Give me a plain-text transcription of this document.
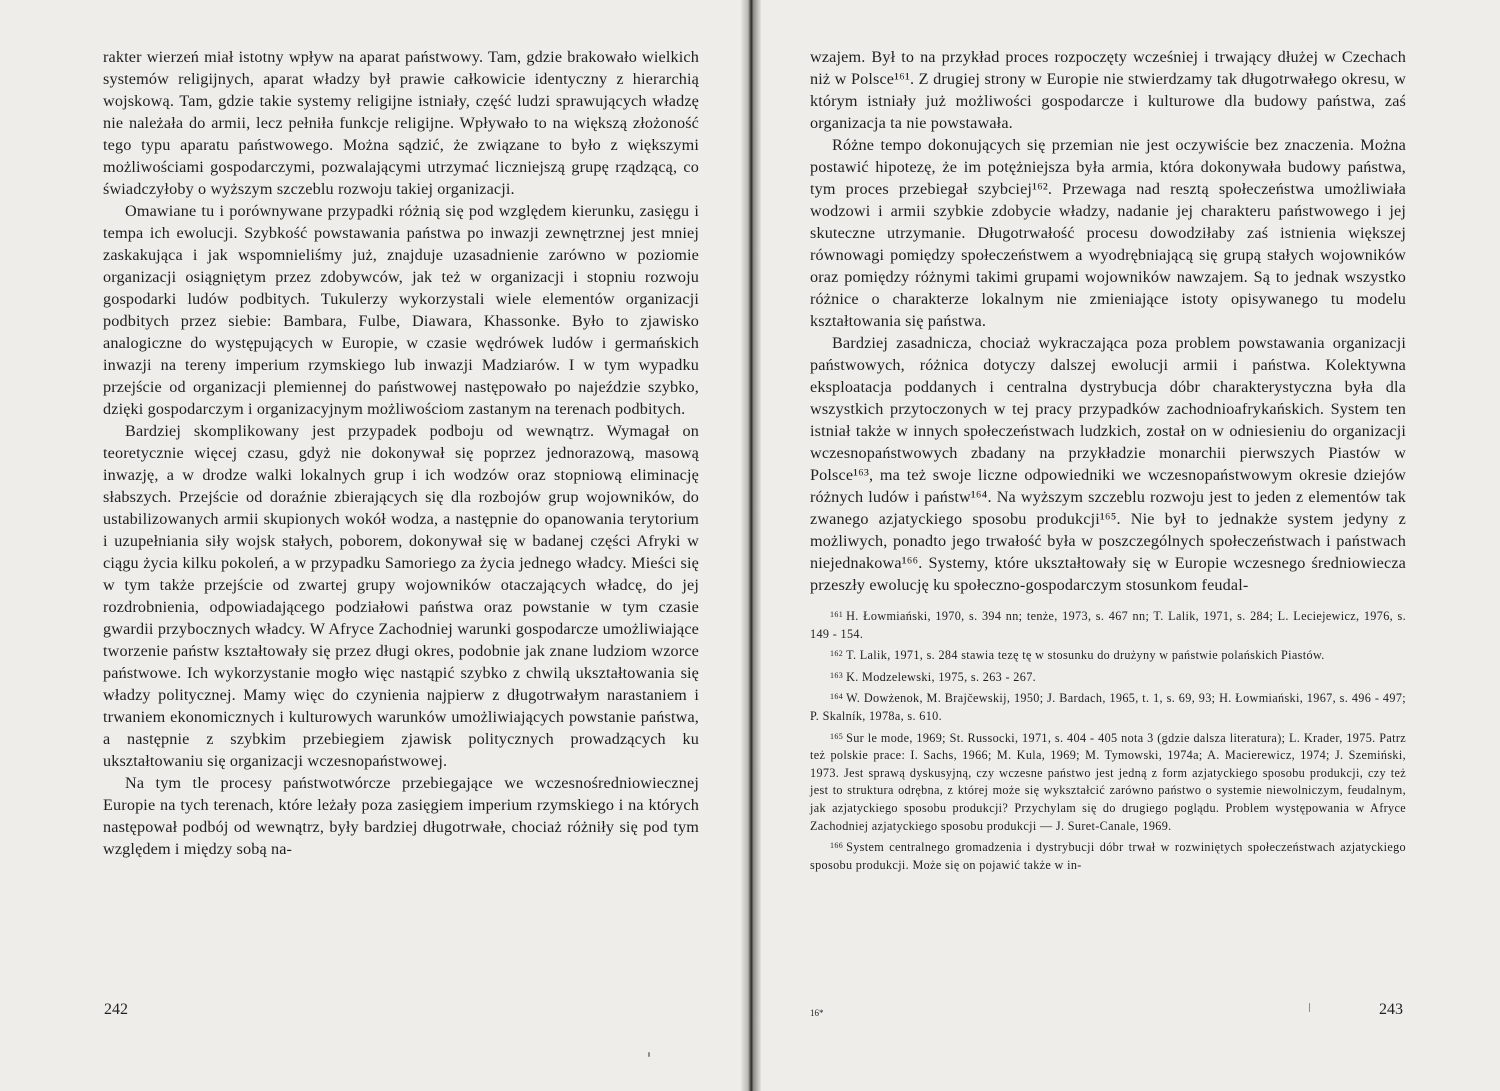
rakter wierzeń miał istotny wpływ na aparat państwowy. Tam, gdzie brakowało wielkich systemów religijnych, aparat władzy był prawie całkowicie identyczny z hierarchią wojskową. Tam, gdzie takie systemy religijne istniały, część ludzi sprawujących władzę nie należała do armii, lecz pełniła funkcje religijne. Wpływało to na większą złożoność tego typu aparatu państwowego. Można sądzić, że związane to było z większymi możliwościami gospodarczymi, pozwalającymi utrzymać liczniejszą grupę rządzącą, co świadczyłoby o wyższym szczeblu rozwoju takiej organizacji.

Omawiane tu i porównywane przypadki różnią się pod względem kierunku, zasięgu i tempa ich ewolucji. Szybkość powstawania państwa po inwazji zewnętrznej jest mniej zaskakująca i jak wspomnieliśmy już, znajduje uzasadnienie zarówno w poziomie organizacji osiągniętym przez zdobywców, jak też w organizacji i stopniu rozwoju gospodarki ludów podbitych. Tukulerzy wykorzystali wiele elementów organizacji podbitych przez siebie: Bambara, Fulbe, Diawara, Khassonke. Było to zjawisko analogiczne do występujących w Europie, w czasie wędrówek ludów i germańskich inwazji na tereny imperium rzymskiego lub inwazji Madziarów. I w tym wypadku przejście od organizacji plemiennej do państwowej następowało po najeździe szybko, dzięki gospodarczym i organizacyjnym możliwościom zastanym na terenach podbitych.

Bardziej skomplikowany jest przypadek podboju od wewnątrz. Wymagał on teoretycznie więcej czasu, gdyż nie dokonywał się poprzez jednorazową, masową inwazję, a w drodze walki lokalnych grup i ich wodzów oraz stopniową eliminację słabszych. Przejście od doraźnie zbierających się dla rozbojów grup wojowników, do ustabilizowanych armii skupionych wokół wodza, a następnie do opanowania terytorium i uzupełniania siły wojsk stałych, poborem, dokonywał się w badanej części Afryki w ciągu życia kilku pokoleń, a w przypadku Samoriego za życia jednego władcy. Mieści się w tym także przejście od zwartej grupy wojowników otaczających władcę, do jej rozdrobnienia, odpowiadającego podziałowi państwa oraz powstanie w tym czasie gwardii przybocznych władcy. W Afryce Zachodniej warunki gospodarcze umożliwiające tworzenie państw kształtowały się przez długi okres, podobnie jak znane ludziom wzorce państwowe. Ich wykorzystanie mogło więc nastąpić szybko z chwilą ukształtowania się władzy politycznej. Mamy więc do czynienia najpierw z długotrwałym narastaniem i trwaniem ekonomicznych i kulturowych warunków umożliwiających powstanie państwa, a następnie z szybkim przebiegiem zjawisk politycznych prowadzących ku ukształtowaniu się organizacji wczesnopaństwowej.

Na tym tle procesy państwotwórcze przebiegające we wczesnośredniowiecznej Europie na tych terenach, które leżały poza zasięgiem imperium rzymskiego i na których następował podbój od wewnątrz, były bardziej długotrwałe, chociaż różniły się pod tym względem i między sobą na-

242

wzajem. Był to na przykład proces rozpoczęty wcześniej i trwający dłużej w Czechach niż w Polsce¹⁶¹. Z drugiej strony w Europie nie stwierdzamy tak długotrwałego okresu, w którym istniały już możliwości gospodarcze i kulturowe dla budowy państwa, zaś organizacja ta nie powstawała.

Różne tempo dokonujących się przemian nie jest oczywiście bez znaczenia. Można postawić hipotezę, że im potężniejsza była armia, która dokonywała budowy państwa, tym proces przebiegał szybciej¹⁶². Przewaga nad resztą społeczeństwa umożliwiała wodzowi i armii szybkie zdobycie władzy, nadanie jej charakteru państwowego i jej skuteczne utrzymanie. Długotrwałość procesu dowodziłaby zaś istnienia większej równowagi pomiędzy społeczeństwem a wyodrębniającą się grupą stałych wojowników oraz pomiędzy różnymi takimi grupami wojowników nawzajem. Są to jednak wszystko różnice o charakterze lokalnym nie zmieniające istoty opisywanego tu modelu kształtowania się państwa.

Bardziej zasadnicza, chociaż wykraczająca poza problem powstawania organizacji państwowych, różnica dotyczy dalszej ewolucji armii i państwa. Kolektywna eksploatacja poddanych i centralna dystrybucja dóbr charakterystyczna była dla wszystkich przytoczonych w tej pracy przypadków zachodnioafrykańskich. System ten istniał także w innych społeczeństwach ludzkich, został on w odniesieniu do organizacji wczesnopaństwowych zbadany na przykładzie monarchii pierwszych Piastów w Polsce¹⁶³, ma też swoje liczne odpowiedniki we wczesnopaństwowym okresie dziejów różnych ludów i państw¹⁶⁴. Na wyższym szczeblu rozwoju jest to jeden z elementów tak zwanego azjatyckiego sposobu produkcji¹⁶⁵. Nie był to jednakże system jedyny z możliwych, ponadto jego trwałość była w poszczególnych społeczeństwach i państwach niejednakowa¹⁶⁶. Systemy, które ukształtowały się w Europie wczesnego średniowiecza przeszły ewolucję ku społeczno-gospodarczym stosunkom feudal-

$^{161}$ H. Łowmiański, 1970, s. 394 nn; tenże, 1973, s. 467 nn; T. Lalik, 1971, s. 284; L. Leciejewicz, 1976, s. 149 - 154.

$^{162}$ T. Lalik, 1971, s. 284 stawia tezę tę w stosunku do drużyny w państwie polańskich Piastów.

$^{163}$ K. Modzelewski, 1975, s. 263 - 267.

$^{164}$ W. Dowżenok, M. Brajčewskij, 1950; J. Bardach, 1965, t. 1, s. 69, 93; H. Łowmiański, 1967, s. 496 - 497; P. Skalník, 1978a, s. 610.

$^{165}$ Sur le mode, 1969; St. Russocki, 1971, s. 404 - 405 nota 3 (gdzie dalsza literatura); L. Krader, 1975. Patrz też polskie prace: I. Sachs, 1966; M. Kula, 1969; M. Tymowski, 1974a; A. Macierewicz, 1974; J. Szemiński, 1973. Jest sprawą dyskusyjną, czy wczesne państwo jest jedną z form azjatyckiego sposobu produkcji, czy też jest to struktura odrębna, z której może się wykształcić zarówno państwo o systemie niewolniczym, feudalnym, jak azjatyckiego sposobu produkcji? Przychylam się do drugiego poglądu. Problem występowania w Afryce Zachodniej azjatyckiego sposobu produkcji — J. Suret-Canale, 1969.

$^{166}$ System centralnego gromadzenia i dystrybucji dóbr trwał w rozwiniętych społeczeństwach azjatyckiego sposobu produkcji. Może się on pojawić także w in-

16*	243
